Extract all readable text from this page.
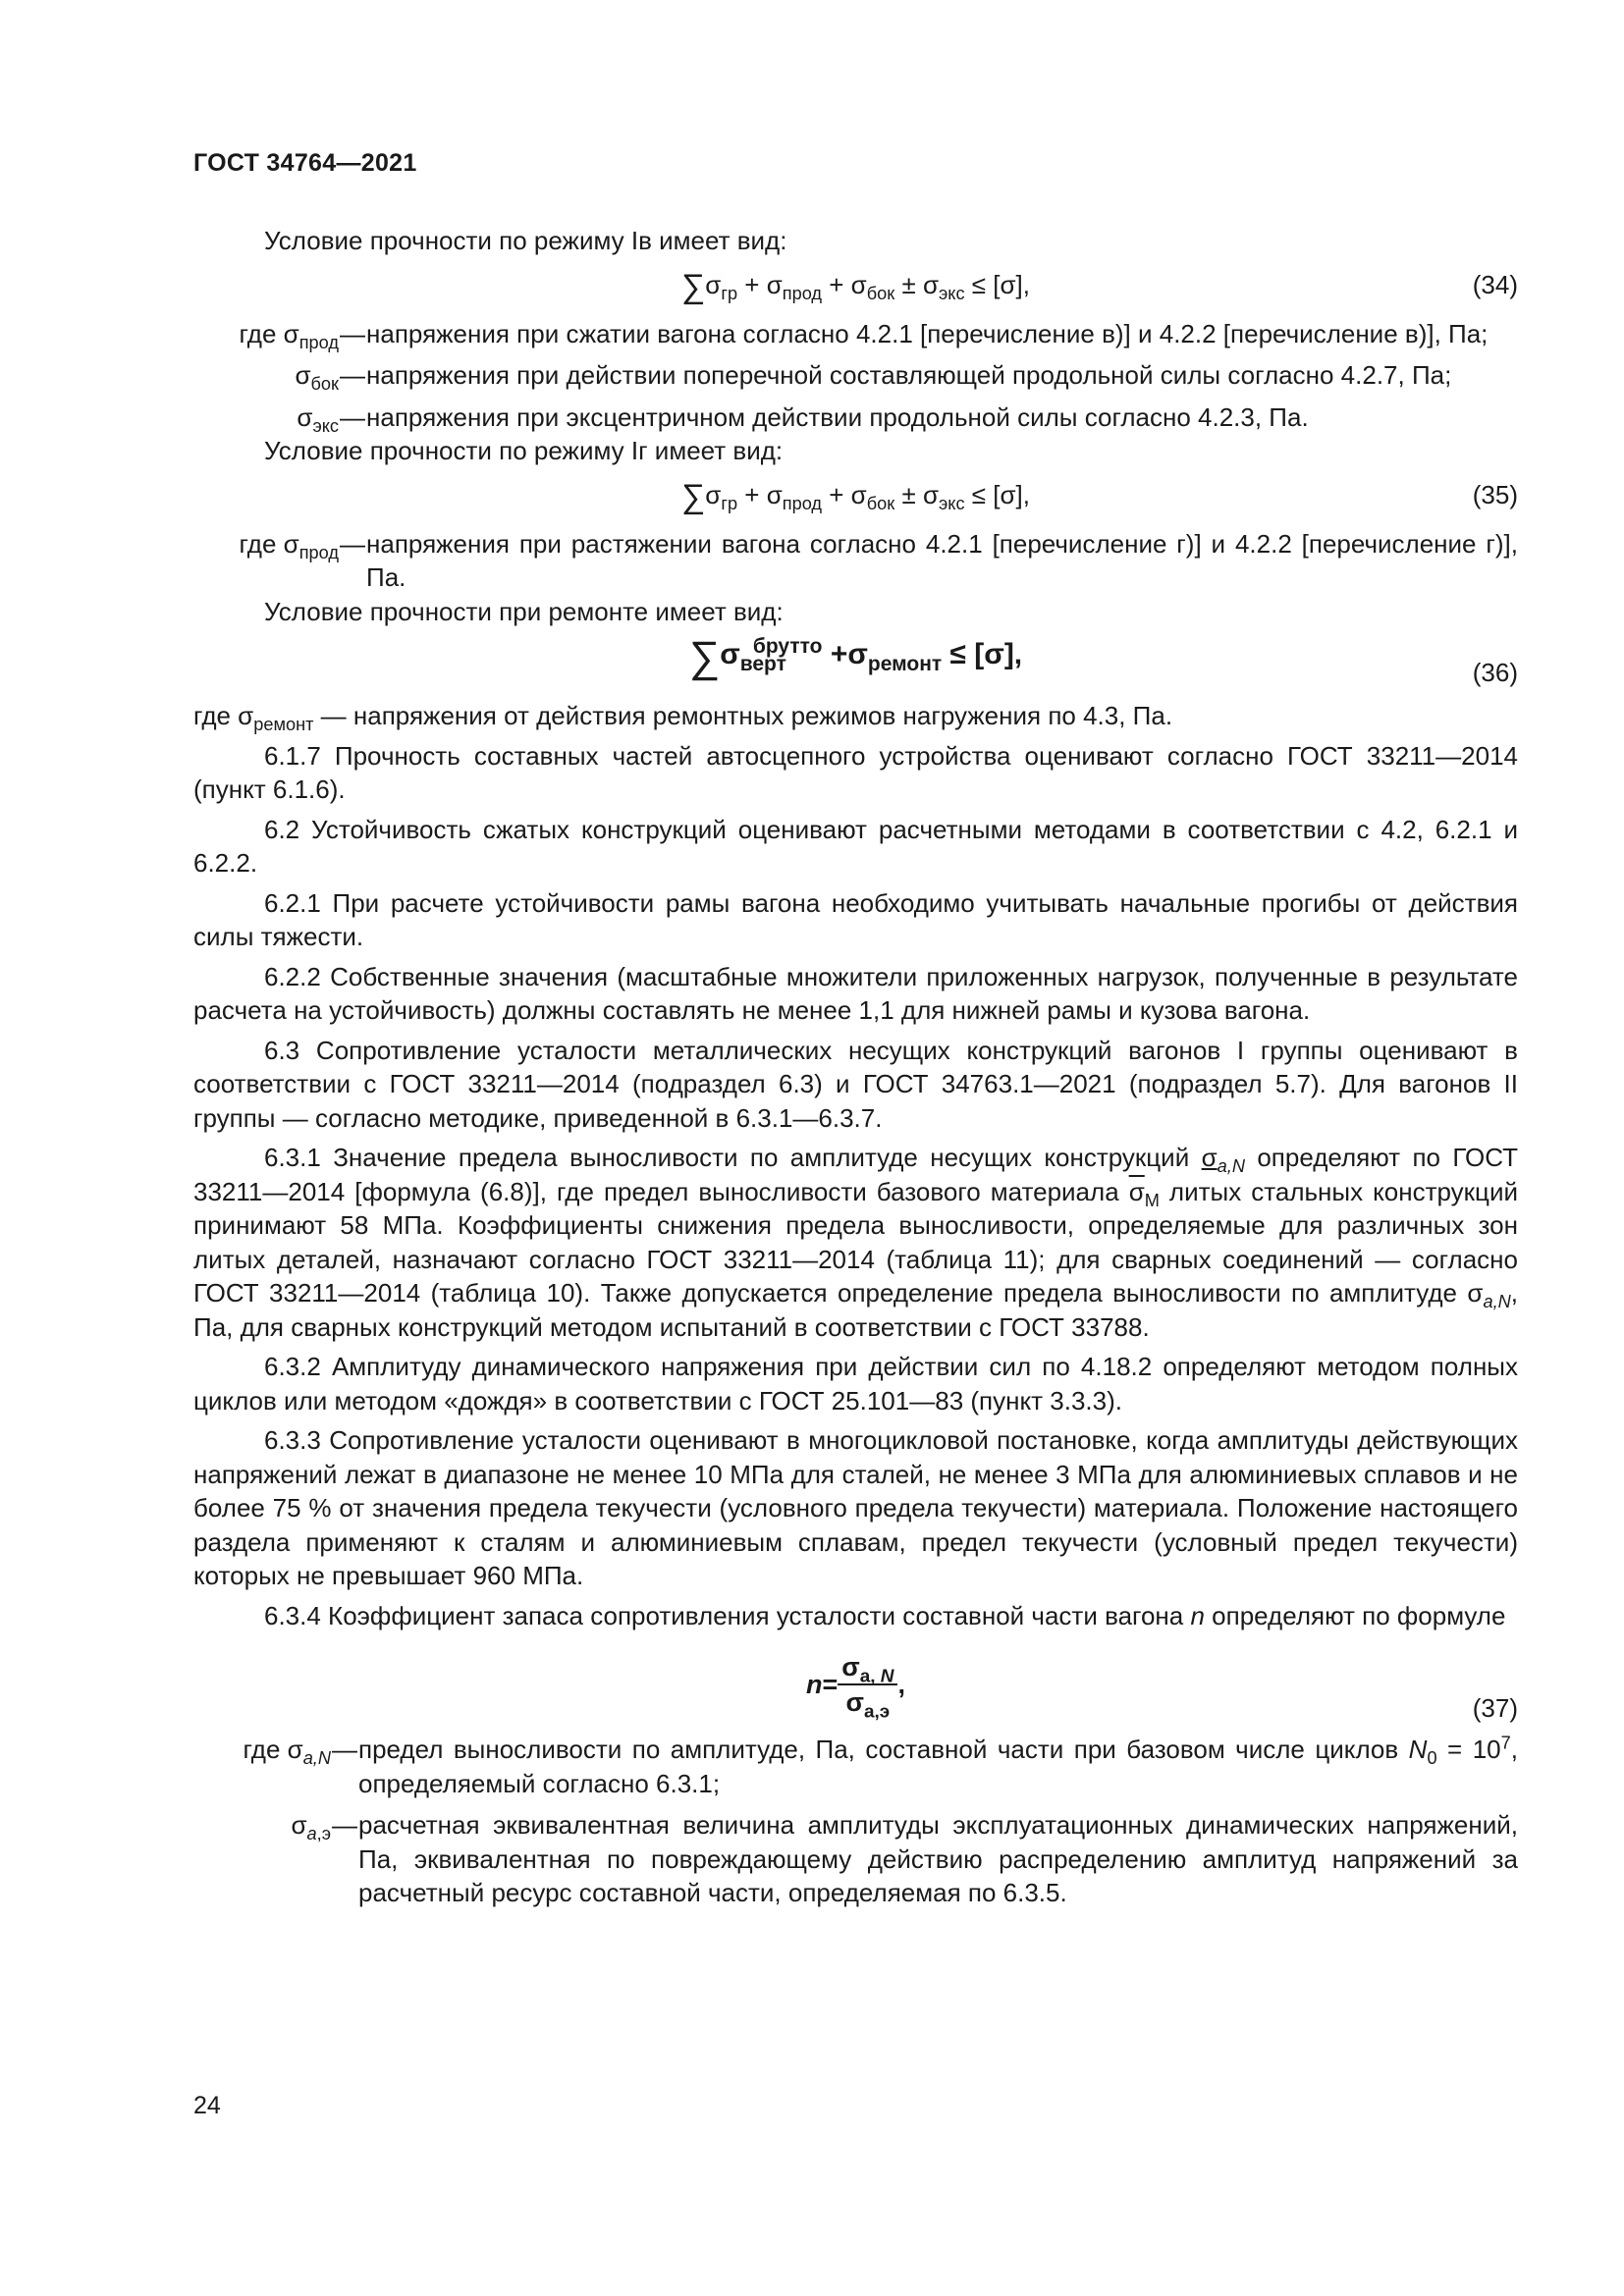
ГОСТ 34764—2021

Условие прочности по режиму Iв имеет вид:

$\sum\sigma_{гр} + \sigma_{прод} + \sigma_{бок} \pm \sigma_{экс} \le [\sigma]$,	(34)
где $\sigma_{прод}$ — напряжения при сжатии вагона согласно 4.2.1 [перечисление в)] и 4.2.2 [перечисление в)], Па;
$\sigma_{бок}$ — напряжения при действии поперечной составляющей продольной силы согласно 4.2.7, Па;
$\sigma_{экс}$ — напряжения при эксцентричном действии продольной силы согласно 4.2.3, Па.

Условие прочности по режиму Iг имеет вид:

$\sum\sigma_{гр} + \sigma_{прод} + \sigma_{бок} \pm \sigma_{экс} \le [\sigma]$,	(35)
где $\sigma_{прод}$ — напряжения при растяжении вагона согласно 4.2.1 [перечисление г)] и 4.2.2 [перечисление г)], Па.

Условие прочности при ремонте имеет вид:

$\sum\sigma_{верт}^{брутто} +\sigma_{ремонт} \le [\sigma]$,
(36)

где $\sigma_{ремонт}$ — напряжения от действия ремонтных режимов нагружения по 4.3, Па.

6.1.7 Прочность составных частей автосцепного устройства оценивают согласно ГОСТ 33211—2014 (пункт 6.1.6).

6.2 Устойчивость сжатых конструкций оценивают расчетными методами в соответствии с 4.2, 6.2.1 и 6.2.2.

6.2.1 При расчете устойчивости рамы вагона необходимо учитывать начальные прогибы от действия силы тяжести.

6.2.2 Собственные значения (масштабные множители приложенных нагрузок, полученные в результате расчета на устойчивость) должны составлять не менее 1,1 для нижней рамы и кузова вагона.

6.3 Сопротивление усталости металлических несущих конструкций вагонов I группы оценивают в соответствии с ГОСТ 33211—2014 (подраздел 6.3) и ГОСТ 34763.1—2021 (подраздел 5.7). Для вагонов II группы — согласно методике, приведенной в 6.3.1—6.3.7.

6.3.1 Значение предела выносливости по амплитуде несущих конструкций $\sigma_{a,N}$ определяют по ГОСТ 33211—2014 [формула (6.8)], где предел выносливости базового материала $\overline{\sigma}_М$ литых стальных конструкций принимают 58 МПа. Коэффициенты снижения предела выносливости, определяемые для различных зон литых деталей, назначают согласно ГОСТ 33211—2014 (таблица 11); для сварных соединений — согласно ГОСТ 33211—2014 (таблица 10). Также допускается определение предела выносливости по амплитуде $\sigma_{a,N}$, Па, для сварных конструкций методом испытаний в соответствии с ГОСТ 33788.

6.3.2 Амплитуду динамического напряжения при действии сил по 4.18.2 определяют методом полных циклов или методом «дождя» в соответствии с ГОСТ 25.101—83 (пункт 3.3.3).

6.3.3 Сопротивление усталости оценивают в многоцикловой постановке, когда амплитуды действующих напряжений лежат в диапазоне не менее 10 МПа для сталей, не менее 3 МПа для алюминиевых сплавов и не более 75 % от значения предела текучести (условного предела текучести) материала. Положение настоящего раздела применяют к сталям и алюминиевым сплавам, предел текучести (условный предел текучести) которых не превышает 960 МПа.

6.3.4 Коэффициент запаса сопротивления усталости составной части вагона n определяют по формуле

$n= \frac{\sigma_{a, N}}{\sigma_{a,э}}$ ,
(37)
где $\sigma_{a,N}$ — предел выносливости по амплитуде, Па, составной части при базовом числе циклов $N_0 = 10^7$, определяемый согласно 6.3.1;
$\sigma_{a,э}$ — расчетная эквивалентная величина амплитуды эксплуатационных динамических напряжений, Па, эквивалентная по повреждающему действию распределению амплитуд напряжений за расчетный ресурс составной части, определяемая по 6.3.5.
24
